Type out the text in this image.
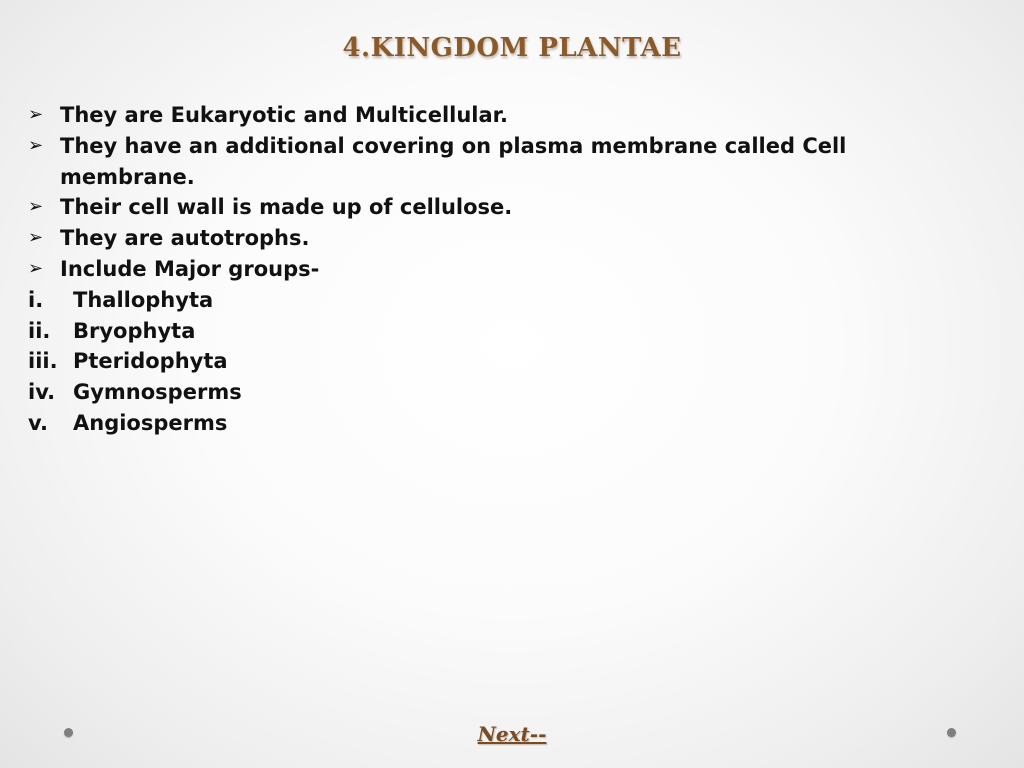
4.KINGDOM PLANTAE
➢ They are Eukaryotic and Multicellular.
➢ They have an additional covering on plasma membrane called Cell membrane.
➢ Their cell wall is made up of cellulose.
➢ They are autotrophs.
➢ Include Major groups-
i.	Thallophyta
ii.	Bryophyta
iii. Pteridophyta
iv. Gymnosperms
v.	Angiosperms
Next--
